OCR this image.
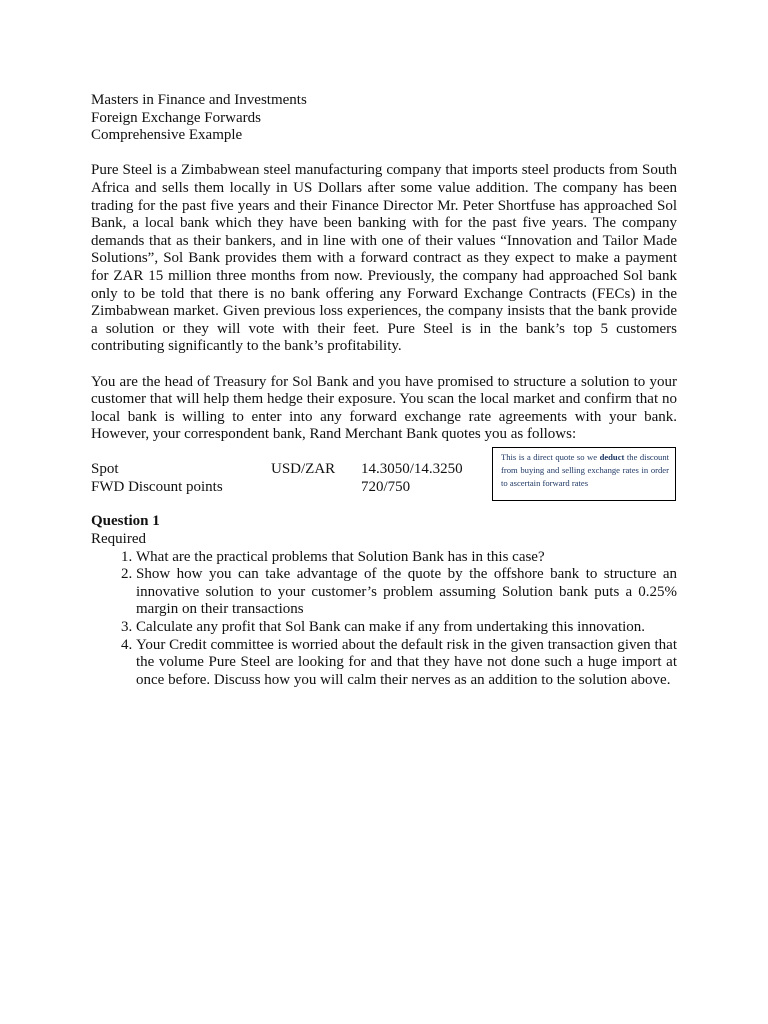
Masters in Finance and Investments
Foreign Exchange Forwards
Comprehensive Example

Pure Steel is a Zimbabwean steel manufacturing company that imports steel products from South Africa and sells them locally in US Dollars after some value addition. The company has been trading for the past five years and their Finance Director Mr. Peter Shortfuse has approached Sol Bank, a local bank which they have been banking with for the past five years. The company demands that as their bankers, and in line with one of their values “Innovation and Tailor Made Solutions”, Sol Bank provides them with a forward contract as they expect to make a payment for ZAR 15 million three months from now. Previously, the company had approached Sol bank only to be told that there is no bank offering any Forward Exchange Contracts (FECs) in the Zimbabwean market. Given previous loss experiences, the company insists that the bank provide a solution or they will vote with their feet. Pure Steel is in the bank’s top 5 customers contributing significantly to the bank’s profitability.

You are the head of Treasury for Sol Bank and you have promised to structure a solution to your customer that will help them hedge their exposure. You scan the local market and confirm that no local bank is willing to enter into any forward exchange rate agreements with your bank. However, your correspondent bank, Rand Merchant Bank quotes you as follows:

Spot	USD/ZAR 14.3050/14.3250
FWD Discount points	720/750
This is a direct quote so we deduct the discount from buying and selling exchange rates in order to ascertain forward rates
Question 1
Required
1. What are the practical problems that Solution Bank has in this case?
2. Show how you can take advantage of the quote by the offshore bank to structure an innovative solution to your customer’s problem assuming Solution bank puts a 0.25% margin on their transactions
3. Calculate any profit that Sol Bank can make if any from undertaking this innovation.
4. Your Credit committee is worried about the default risk in the given transaction given that the volume Pure Steel are looking for and that they have not done such a huge import at once before. Discuss how you will calm their nerves as an addition to the solution above.
